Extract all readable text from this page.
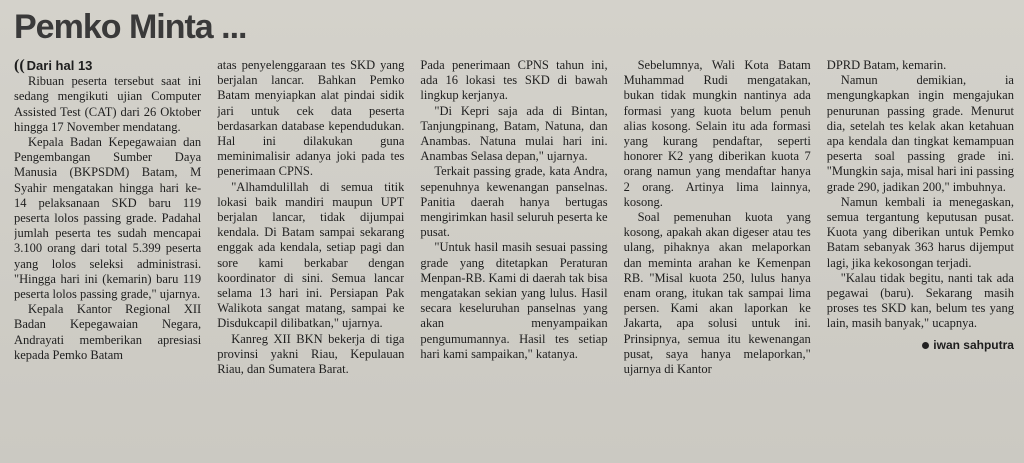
Pemko Minta ...
(( Dari hal 13

Ribuan peserta tersebut saat ini sedang mengikuti ujian Computer Assisted Test (CAT) dari 26 Oktober hingga 17 November mendatang.

Kepala Badan Kepegawaian dan Pengembangan Sumber Daya Manusia (BKPSDM) Batam, M Syahir mengatakan hingga hari ke-14 pelaksanaan SKD baru 119 peserta lolos passing grade. Padahal jumlah peserta tes sudah mencapai 3.100 orang dari total 5.399 peserta yang lolos seleksi administrasi. "Hingga hari ini (kemarin) baru 119 peserta lolos passing grade," ujarnya.

Kepala Kantor Regional XII Badan Kepegawaian Negara, Andrayati memberikan apresiasi kepada Pemko Batam

atas penyelenggaraan tes SKD yang berjalan lancar. Bahkan Pemko Batam menyiapkan alat pindai sidik jari untuk cek data peserta berdasarkan database kependudukan. Hal ini dilakukan guna meminimalisir adanya joki pada tes penerimaan CPNS.

"Alhamdulillah di semua titik lokasi baik mandiri maupun UPT berjalan lancar, tidak dijumpai kendala. Di Batam sampai sekarang enggak ada kendala, setiap pagi dan sore kami berkabar dengan koordinator di sini. Semua lancar selama 13 hari ini. Persiapan Pak Walikota sangat matang, sampai ke Disdukcapil dilibatkan," ujarnya.

Kanreg XII BKN bekerja di tiga provinsi yakni Riau, Kepulauan Riau, dan Sumatera Barat.

Pada penerimaan CPNS tahun ini, ada 16 lokasi tes SKD di bawah lingkup kerjanya.

"Di Kepri saja ada di Bintan, Tanjungpinang, Batam, Natuna, dan Anambas. Natuna mulai hari ini. Anambas Selasa depan," ujarnya.

Terkait passing grade, kata Andra, sepenuhnya kewenangan panselnas. Panitia daerah hanya bertugas mengirimkan hasil seluruh peserta ke pusat.

"Untuk hasil masih sesuai passing grade yang ditetapkan Peraturan Menpan-RB. Kami di daerah tak bisa mengatakan sekian yang lulus. Hasil secara keseluruhan panselnas yang akan menyampaikan pengumumannya. Hasil tes setiap hari kami sampaikan," katanya.

Sebelumnya, Wali Kota Batam Muhammad Rudi mengatakan, bukan tidak mungkin nantinya ada formasi yang kuota belum penuh alias kosong. Selain itu ada formasi yang kurang pendaftar, seperti honorer K2 yang diberikan kuota 7 orang namun yang mendaftar hanya 2 orang. Artinya lima lainnya, kosong.

Soal pemenuhan kuota yang kosong, apakah akan digeser atau tes ulang, pihaknya akan melaporkan dan meminta arahan ke Kemenpan RB. "Misal kuota 250, lulus hanya enam orang, itukan tak sampai lima persen. Kami akan laporkan ke Jakarta, apa solusi untuk ini. Prinsipnya, semua itu kewenangan pusat, saya hanya melaporkan," ujarnya di Kantor

DPRD Batam, kemarin.

Namun demikian, ia mengungkapkan ingin mengajukan penurunan passing grade. Menurut dia, setelah tes kelak akan ketahuan apa kendala dan tingkat kemampuan peserta soal passing grade ini. "Mungkin saja, misal hari ini passing grade 290, jadikan 200," imbuhnya.

Namun kembali ia menegaskan, semua tergantung keputusan pusat. Kuota yang diberikan untuk Pemko Batam sebanyak 363 harus dijemput lagi, jika kekosongan terjadi.

"Kalau tidak begitu, nanti tak ada pegawai (baru). Sekarang masih proses tes SKD kan, belum tes yang lain, masih banyak," ucapnya.

iwan sahputra
